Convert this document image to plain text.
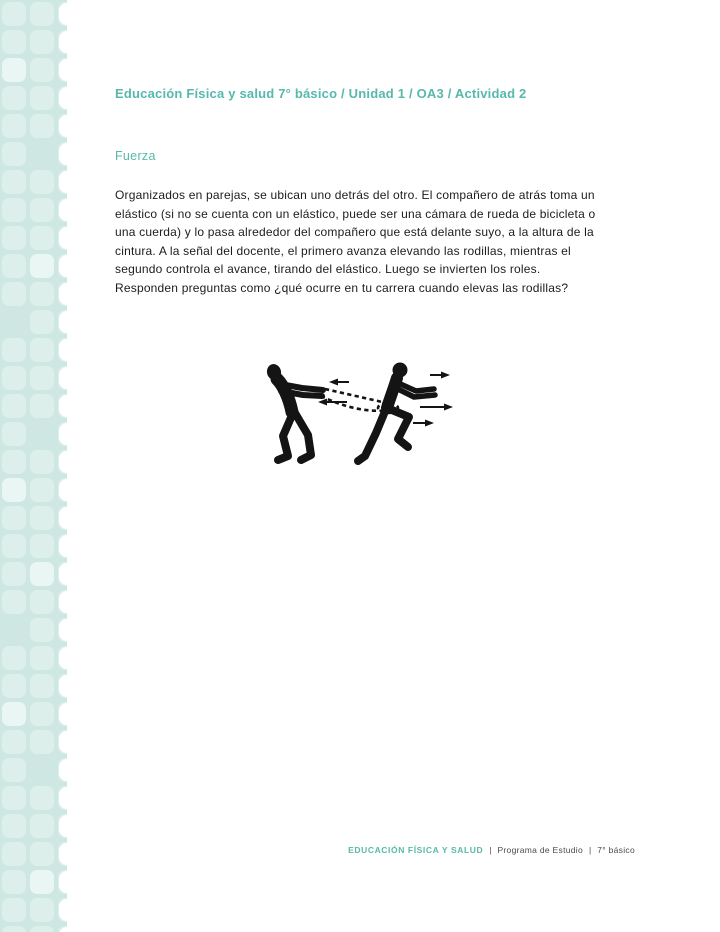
Educación Física y salud 7° básico / Unidad 1 / OA3 / Actividad 2
Fuerza

Organizados en parejas, se ubican uno detrás del otro. El compañero de atrás toma un elástico (si no se cuenta con un elástico, puede ser una cámara de rueda de bicicleta o una cuerda) y lo pasa alrededor del compañero que está delante suyo, a la altura de la cintura. A la señal del docente, el primero avanza elevando las rodillas, mientras el segundo controla el avance, tirando del elástico. Luego se invierten los roles. Responden preguntas como ¿qué ocurre en tu carrera cuando elevas las rodillas?

EDUCACIÓN FÍSICA Y SALUD | Programa de Estudio | 7° básico
